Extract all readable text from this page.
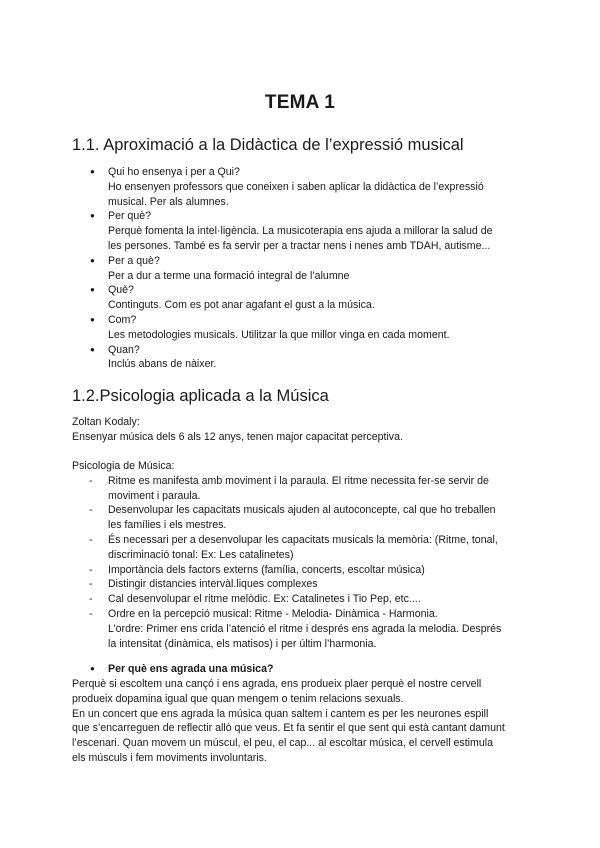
TEMA 1
1.1. Aproximació a la Didàctica de l’expressió musical
● Qui ho ensenya i per a Qui?
Ho ensenyen professors que coneixen i saben aplicar la didàctica de l’expressió
musical. Per als alumnes.
● Per què?
Perquè fomenta la intel·ligència. La musicoterapia ens ajuda a millorar la salud de
les persones. També es fa servir per a tractar nens i nenes amb TDAH, autisme...
● Per a què?
Per a dur a terme una formació integral de l’alumne
● Què?
Continguts. Com es pot anar agafant el gust a la música.
● Com?
Les metodologies musicals. Utilitzar la que millor vinga en cada moment.
● Quan?
Inclús abans de nàixer.
1.2.Psicologia aplicada a la Música
Zoltan Kodaly:
Ensenyar música dels 6 als 12 anys, tenen major capacitat perceptiva.
Psicologia de Música:
- Ritme es manifesta amb moviment i la paraula. El ritme necessita fer-se servir de
moviment i paraula.
- Desenvolupar les capacitats musicals ajuden al autoconcepte, cal que ho treballen
les famílies i els mestres.
- És necessari per a desenvolupar les capacitats musicals la memòria: (Ritme, tonal,
discriminació tonal: Ex: Les catalinetes)
- Importància dels factors externs (família, concerts, escoltar música)
- Distingir distancies intervàl.liques complexes
- Cal desenvolupar el ritme melòdic. Ex: Catalinetes i Tio Pep, etc....
- Ordre en la percepció musical: Ritme - Melodia- Dinàmica - Harmonia.
L’ordre: Primer ens crida l’atenció el ritme i després ens agrada la melodia. Després
la intensitat (dinàmica, els matisos) i per últim l’harmonia.
● Per què ens agrada una música?
Perquè si escoltem una cançó i ens agrada, ens produeix plaer perquè el nostre cervell
produeix dopamina igual que quan mengem o tenim relacions sexuals.
En un concert que ens agrada la música quan saltem i cantem es per les neurones espill
que s’encarreguen de reflectir allò que veus. Et fa sentir el que sent qui està cantant damunt
l’escenari. Quan movem un múscul, el peu, el cap... al escoltar música, el cervell estimula
els músculs i fem moviments involuntaris.
